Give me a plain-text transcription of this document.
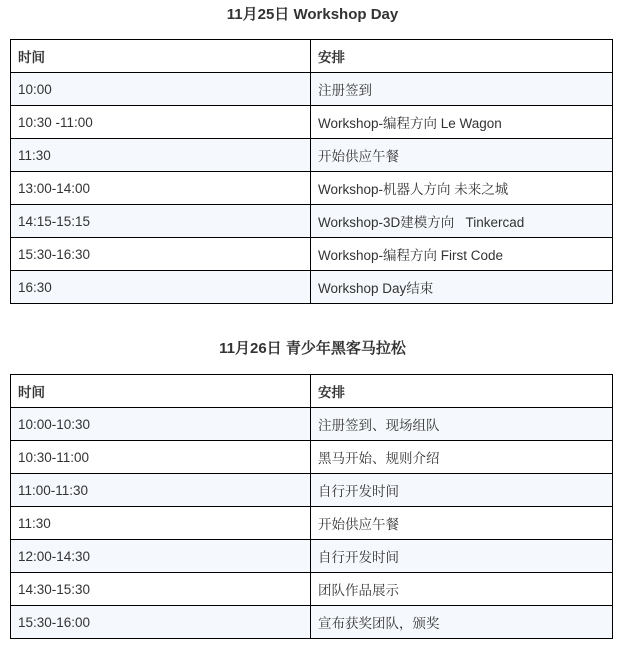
11月25日 Workshop Day
时间	安排
10:00	注册签到
10:30 -11:00	Workshop-编程方向 Le Wagon
11:30	开始供应午餐
13:00-14:00	Workshop-机器人方向 未来之城
14:15-15:15	Workshop-3D建模方向   Tinkercad
15:30-16:30	Workshop-编程方向 First Code
16:30	Workshop Day结束
11月26日 青少年黑客马拉松
时间	安排
10:00-10:30	注册签到、现场组队
10:30-11:00	黑马开始、规则介绍
11:00-11:30	自行开发时间
11:30	开始供应午餐
12:00-14:30	自行开发时间
14:30-15:30	团队作品展示
15:30-16:00	宣布获奖团队，颁奖
